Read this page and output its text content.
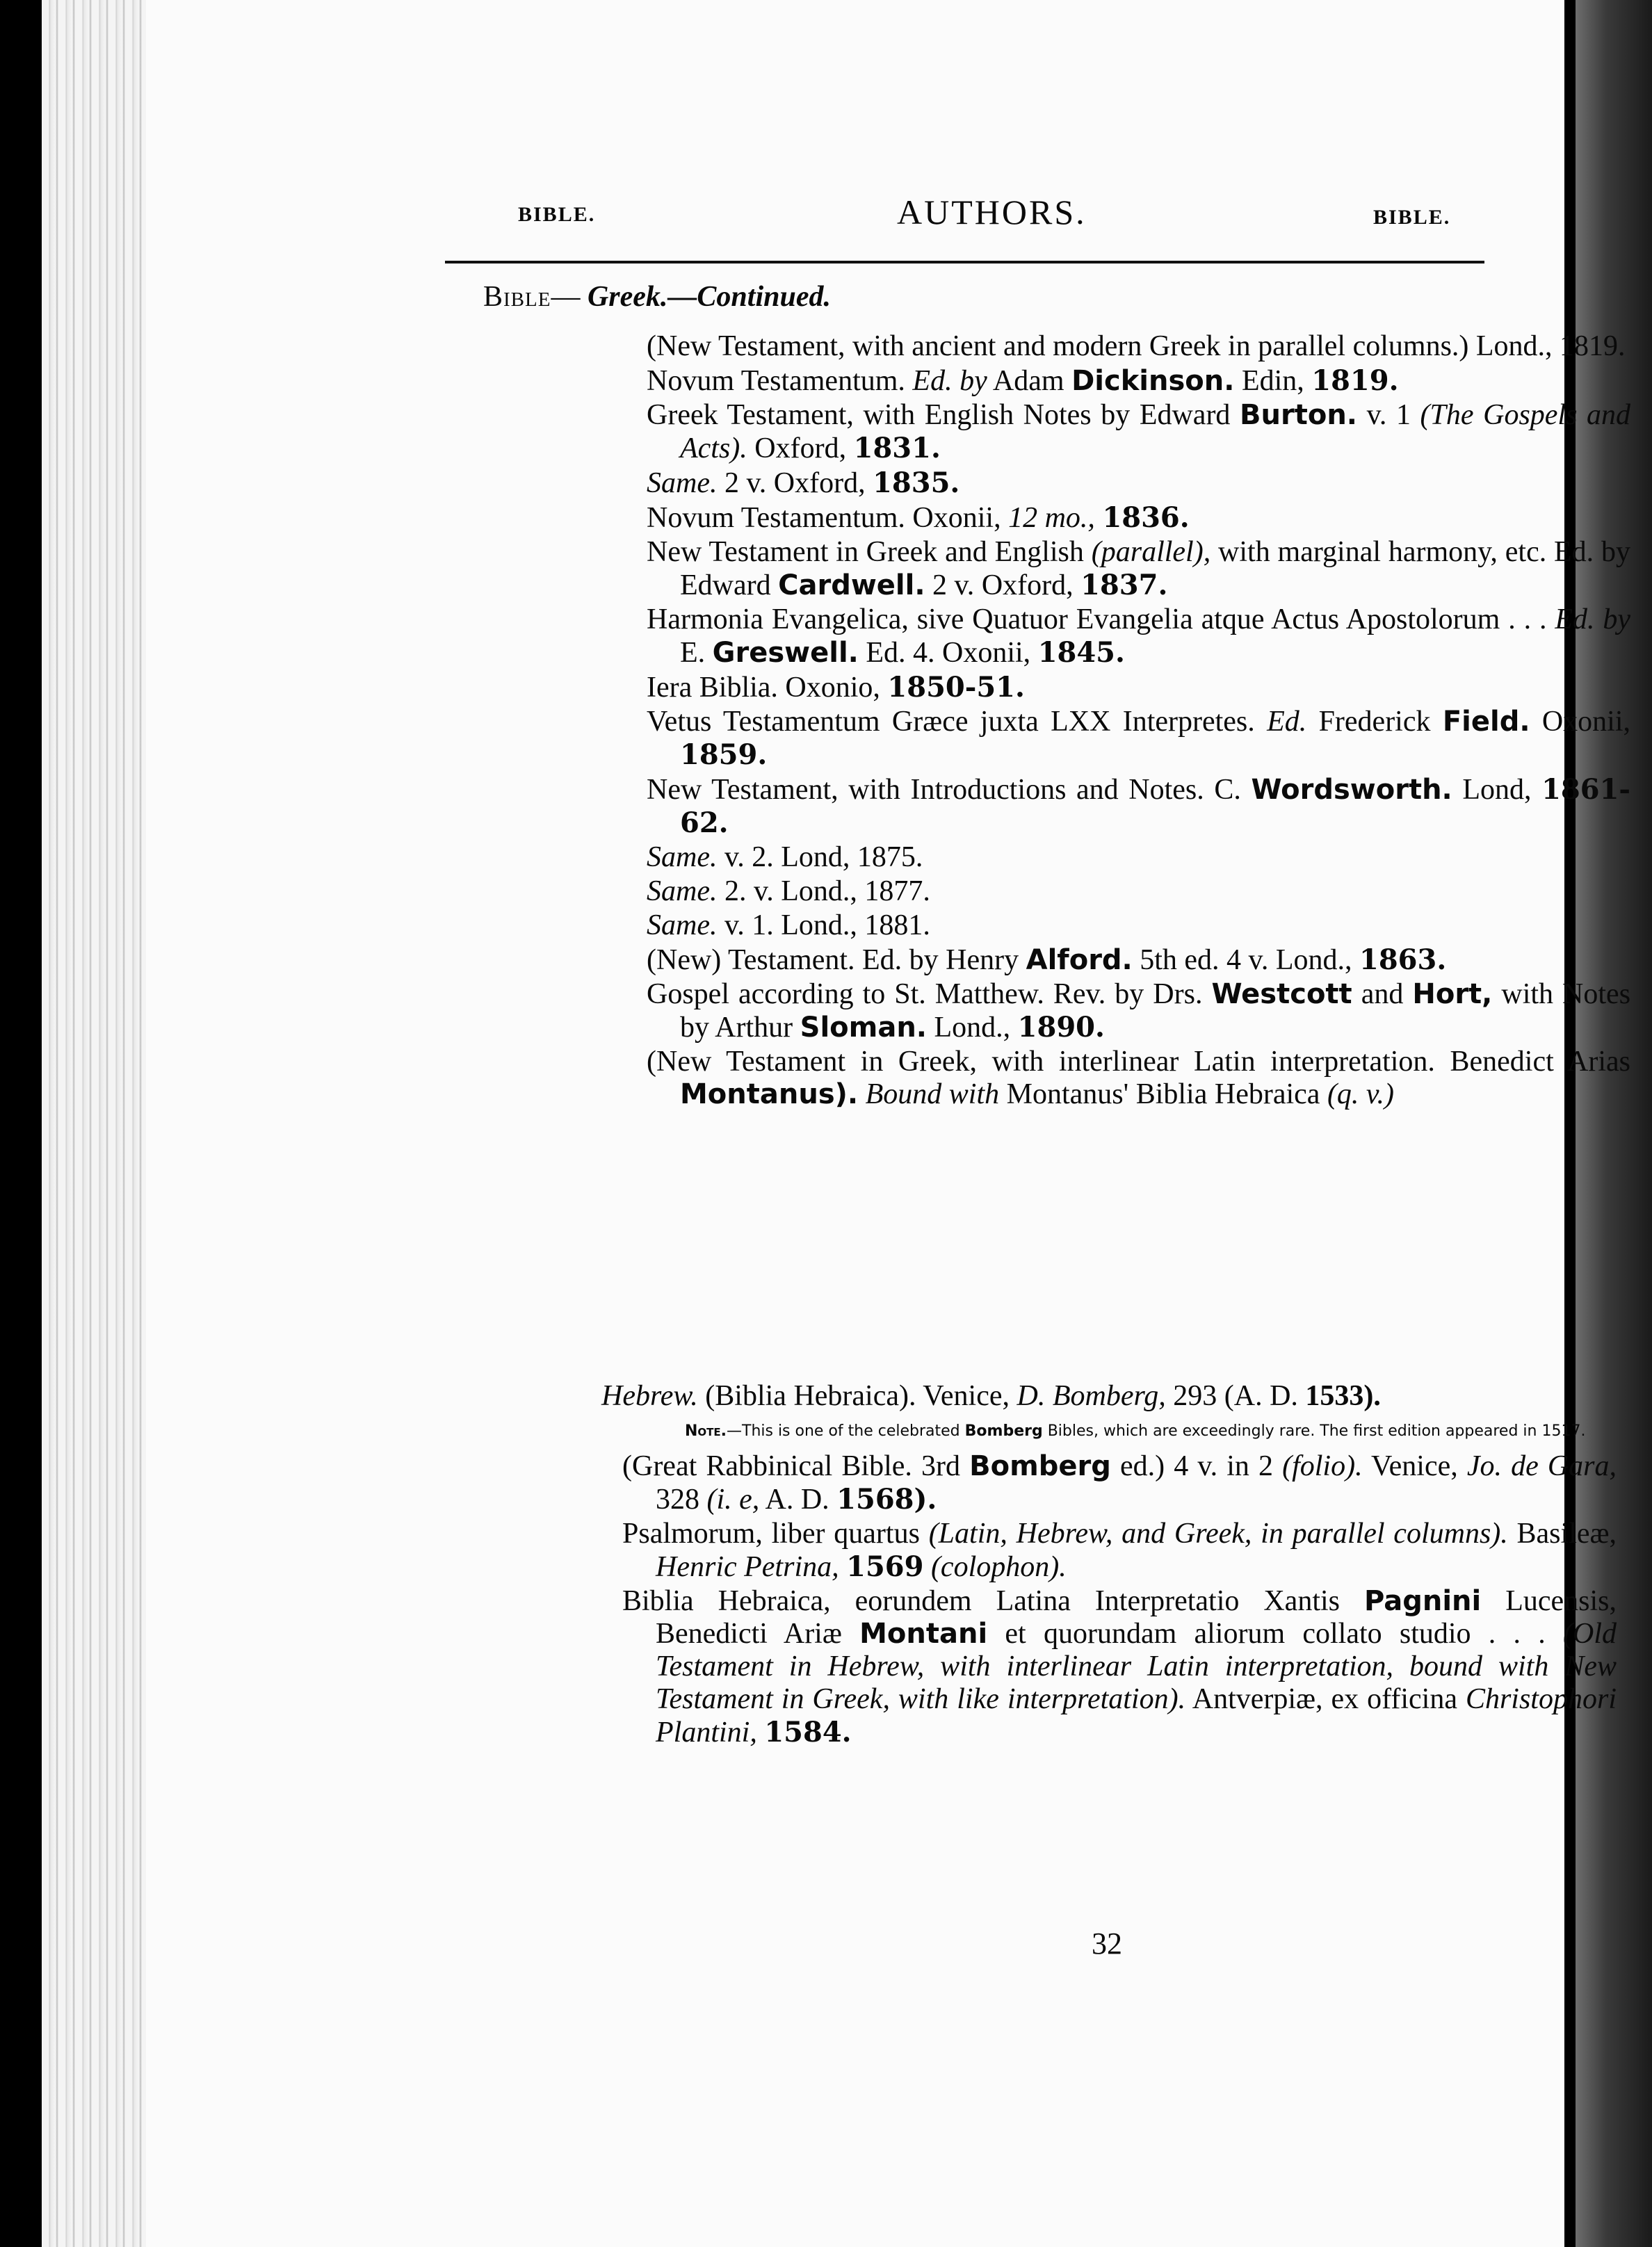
BIBLE.	AUTHORS.	BIBLE.
Bible— Greek.—Continued.
(New Testament, with ancient and modern Greek in parallel columns.) Lond., 1819.
Novum Testamentum. Ed. by Adam Dickinson. Edin, 1819.
Greek Testament, with English Notes by Edward Burton. v. 1 (The Gospels and Acts). Oxford, 1831.
Same. 2 v. Oxford, 1835.
Novum Testamentum. Oxonii, 12 mo., 1836.
New Testament in Greek and English (parallel), with marginal harmony, etc. Ed. by Edward Cardwell. 2 v. Oxford, 1837.
Harmonia Evangelica, sive Quatuor Evangelia atque Actus Apostolorum . . . Ed. by E. Greswell. Ed. 4. Oxonii, 1845.
Iera Biblia. Oxonio, 1850-51.
Vetus Testamentum Græce juxta LXX Interpretes. Ed. Frederick Field. Oxonii, 1859.
New Testament, with Introductions and Notes. C. Wordsworth. Lond, 1861-62.
Same. v. 2. Lond, 1875.
Same. 2. v. Lond., 1877.
Same. v. 1. Lond., 1881.
(New) Testament. Ed. by Henry Alford. 5th ed. 4 v. Lond., 1863.
Gospel according to St. Matthew. Rev. by Drs. Westcott and Hort, with Notes by Arthur Sloman. Lond., 1890.
(New Testament in Greek, with interlinear Latin interpretation. Benedict Arias Montanus). Bound with Montanus' Biblia Hebraica (q. v.)
Hebrew. (Biblia Hebraica). Venice, D. Bomberg, 293 (A. D. 1533).
Note.—This is one of the celebrated Bomberg Bibles, which are exceedingly rare. The first edition appeared in 1517.
(Great Rabbinical Bible. 3rd Bomberg ed.) 4 v. in 2 (folio). Venice, Jo. de Gara, 328 (i. e, A. D. 1568).
Psalmorum, liber quartus (Latin, Hebrew, and Greek, in parallel columns). Basileæ, Henric Petrina, 1569 (colophon).
Biblia Hebraica, eorundem Latina Interpretatio Xantis Pagnini Lucensis, Benedicti Ariæ Montani et quorundam aliorum collato studio . . . (Old Testament in Hebrew, with interlinear Latin interpretation, bound with New Testament in Greek, with like interpretation). Antverpiæ, ex officina Christophori Plantini, 1584.
32
